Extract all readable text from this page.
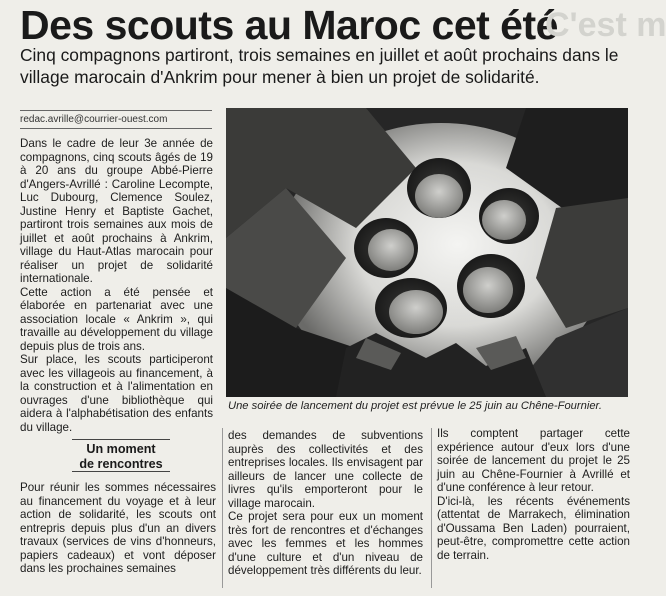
Des scouts au Maroc cet été
C'est m
Cinq compagnons partiront, trois semaines en juillet et août prochains dans le village marocain d'Ankrim pour mener à bien un projet de solidarité.
redac.avrille@courrier-ouest.com

Dans le cadre de leur 3e année de compagnons, cinq scouts âgés de 19 à 20 ans du groupe Abbé-Pierre d'Angers-Avrillé : Caroline Lecompte, Luc Dubourg, Clemence Soulez, Justine Henry et Baptiste Gachet, partiront trois semaines aux mois de juillet et août prochains à Ankrim, village du Haut-Atlas marocain pour réaliser un projet de solidarité internationale.

Cette action a été pensée et élaborée en partenariat avec une association locale « Ankrim », qui travaille au développement du village depuis plus de trois ans.

Sur place, les scouts participeront avec les villageois au financement, à la construction et à l'alimentation en ouvrages d'une bibliothèque qui aidera à l'alphabétisation des enfants du village.

Un moment
de rencontres

Pour réunir les sommes nécessaires au financement du voyage et à leur action de solidarité, les scouts ont entrepris depuis plus d'un an divers travaux (services de vins d'honneurs, papiers cadeaux) et vont déposer dans les prochaines semaines

des demandes de subventions auprès des collectivités et des entreprises locales. Ils envisagent par ailleurs de lancer une collecte de livres qu'ils emporteront pour le village marocain.

Ce projet sera pour eux un moment très fort de rencontres et d'échanges avec les femmes et les hommes d'une culture et d'un niveau de développement très différents du leur.

Ils comptent partager cette expérience autour d'eux lors d'une soirée de lancement du projet le 25 juin au Chêne-Fournier à Avrillé et d'une conférence à leur retour.

D'ici-là, les récents événements (attentat de Marrakech, élimination d'Oussama Ben Laden) pourraient, peut-être, compromettre cette action de terrain.

Une soirée de lancement du projet est prévue le 25 juin au Chêne-Fournier.
